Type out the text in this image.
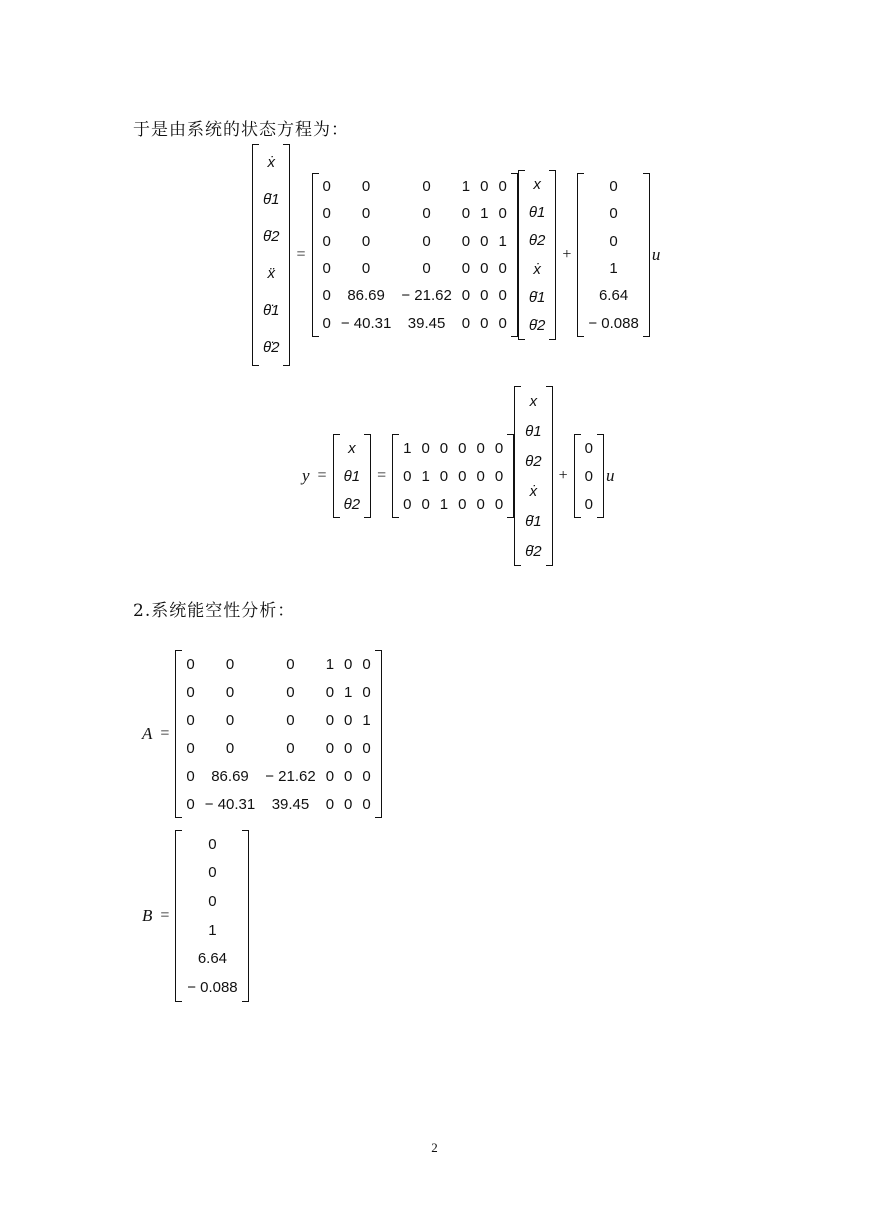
于是由系统的状态方程为：
ẋ
θ̇1
θ̇2
ẍ
θ̈1
θ̈2
=
0	0	0	1	0	0
0	0	0	0	1	0
0	0	0	0	0	1
0	0	0	0	0	0
0	86.69	− 21.62	0	0	0
0	− 40.31	39.45	0	0	0
x
θ1
θ2
ẋ
θ̇1
θ̇2
+
0
0
0
1
6.64
− 0.088
u
y =
x
θ1
θ2
=
1	0	0	0	0	0
0	1	0	0	0	0
0	0	1	0	0	0
x
θ1
θ2
ẋ
θ̇1
θ̇2
+
0
0
0
u
2.系统能空性分析：
A =
0	0	0	1	0	0
0	0	0	0	1	0
0	0	0	0	0	1
0	0	0	0	0	0
0	86.69	− 21.62	0	0	0
0	− 40.31	39.45	0	0	0
B =
0
0
0
1
6.64
− 0.088
2
